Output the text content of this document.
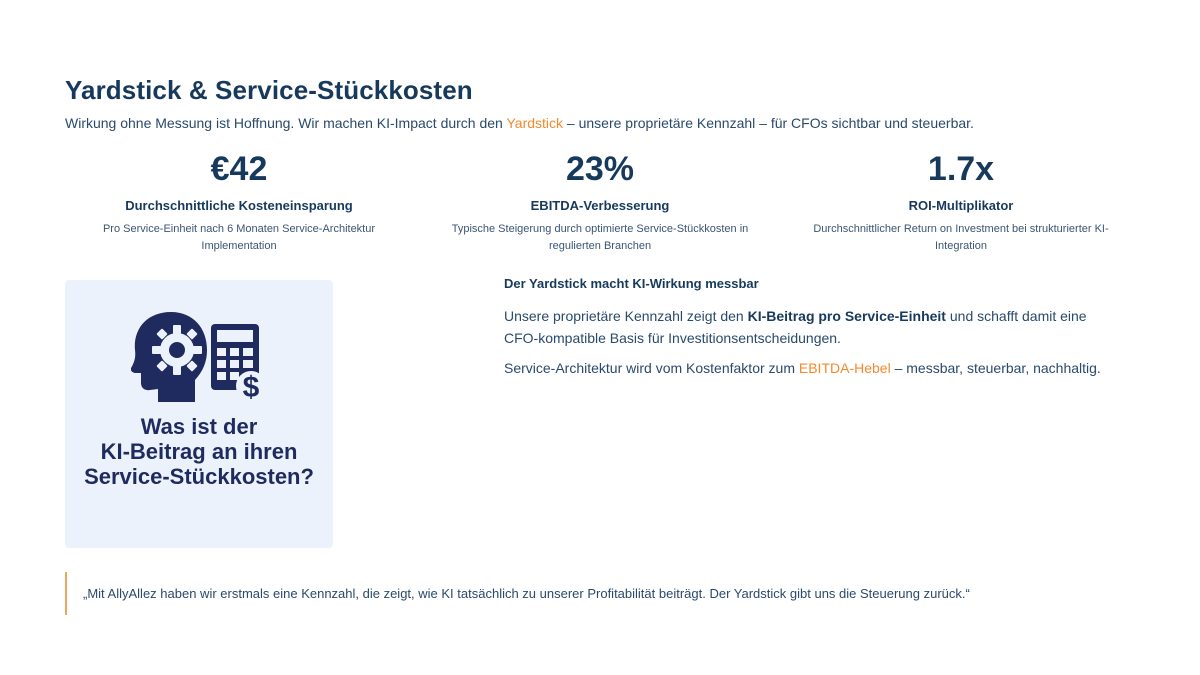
Yardstick & Service-Stückkosten
Wirkung ohne Messung ist Hoffnung. Wir machen KI-Impact durch den Yardstick – unsere proprietäre Kennzahl – für CFOs sichtbar und steuerbar.
€42
Durchschnittliche Kosteneinsparung
Pro Service-Einheit nach 6 Monaten Service-Architektur Implementation
23%
EBITDA-Verbesserung
Typische Steigerung durch optimierte Service-Stückkosten in regulierten Branchen
1.7x
ROI-Multiplikator
Durchschnittlicher Return on Investment bei strukturierter KI-Integration
$
Was ist der
KI-Beitrag an ihren
Service-Stückkosten?
Der Yardstick macht KI-Wirkung messbar

Unsere proprietäre Kennzahl zeigt den KI-Beitrag pro Service-Einheit und schafft damit eine CFO-kompatible Basis für Investitionsentscheidungen.

Service-Architektur wird vom Kostenfaktor zum EBITDA-Hebel – messbar, steuerbar, nachhaltig.

„Mit AllyAllez haben wir erstmals eine Kennzahl, die zeigt, wie KI tatsächlich zu unserer Profitabilität beiträgt. Der Yardstick gibt uns die Steuerung zurück.“
